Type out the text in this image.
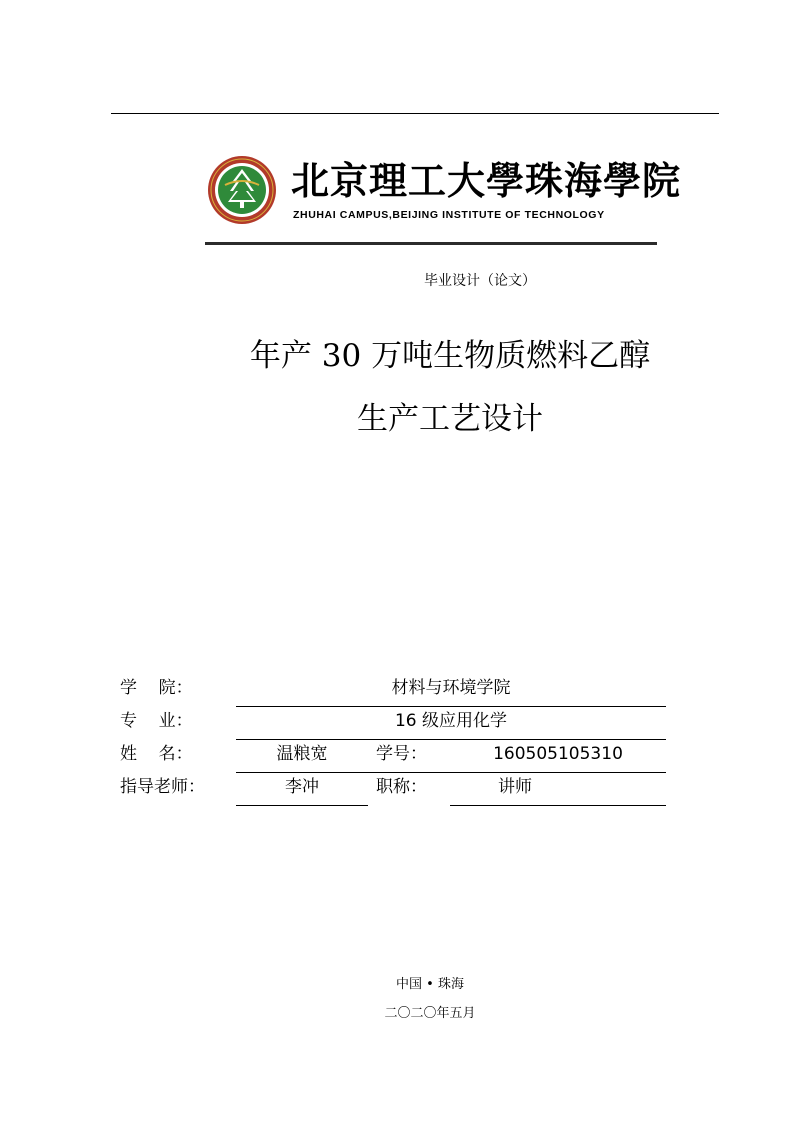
北京理工大學珠海學院
ZHUHAI CAMPUS,BEIJING INSTITUTE OF TECHNOLOGY
毕业设计（论文）
年产 30 万吨生物质燃料乙醇
生产工艺设计
学    院：	材料与环境学院
专    业：	16 级应用化学
姓    名：	温粮宽	学号：	160505105310
指导老师：	李冲	职称：	讲师
中国 • 珠海
二〇二〇年五月
